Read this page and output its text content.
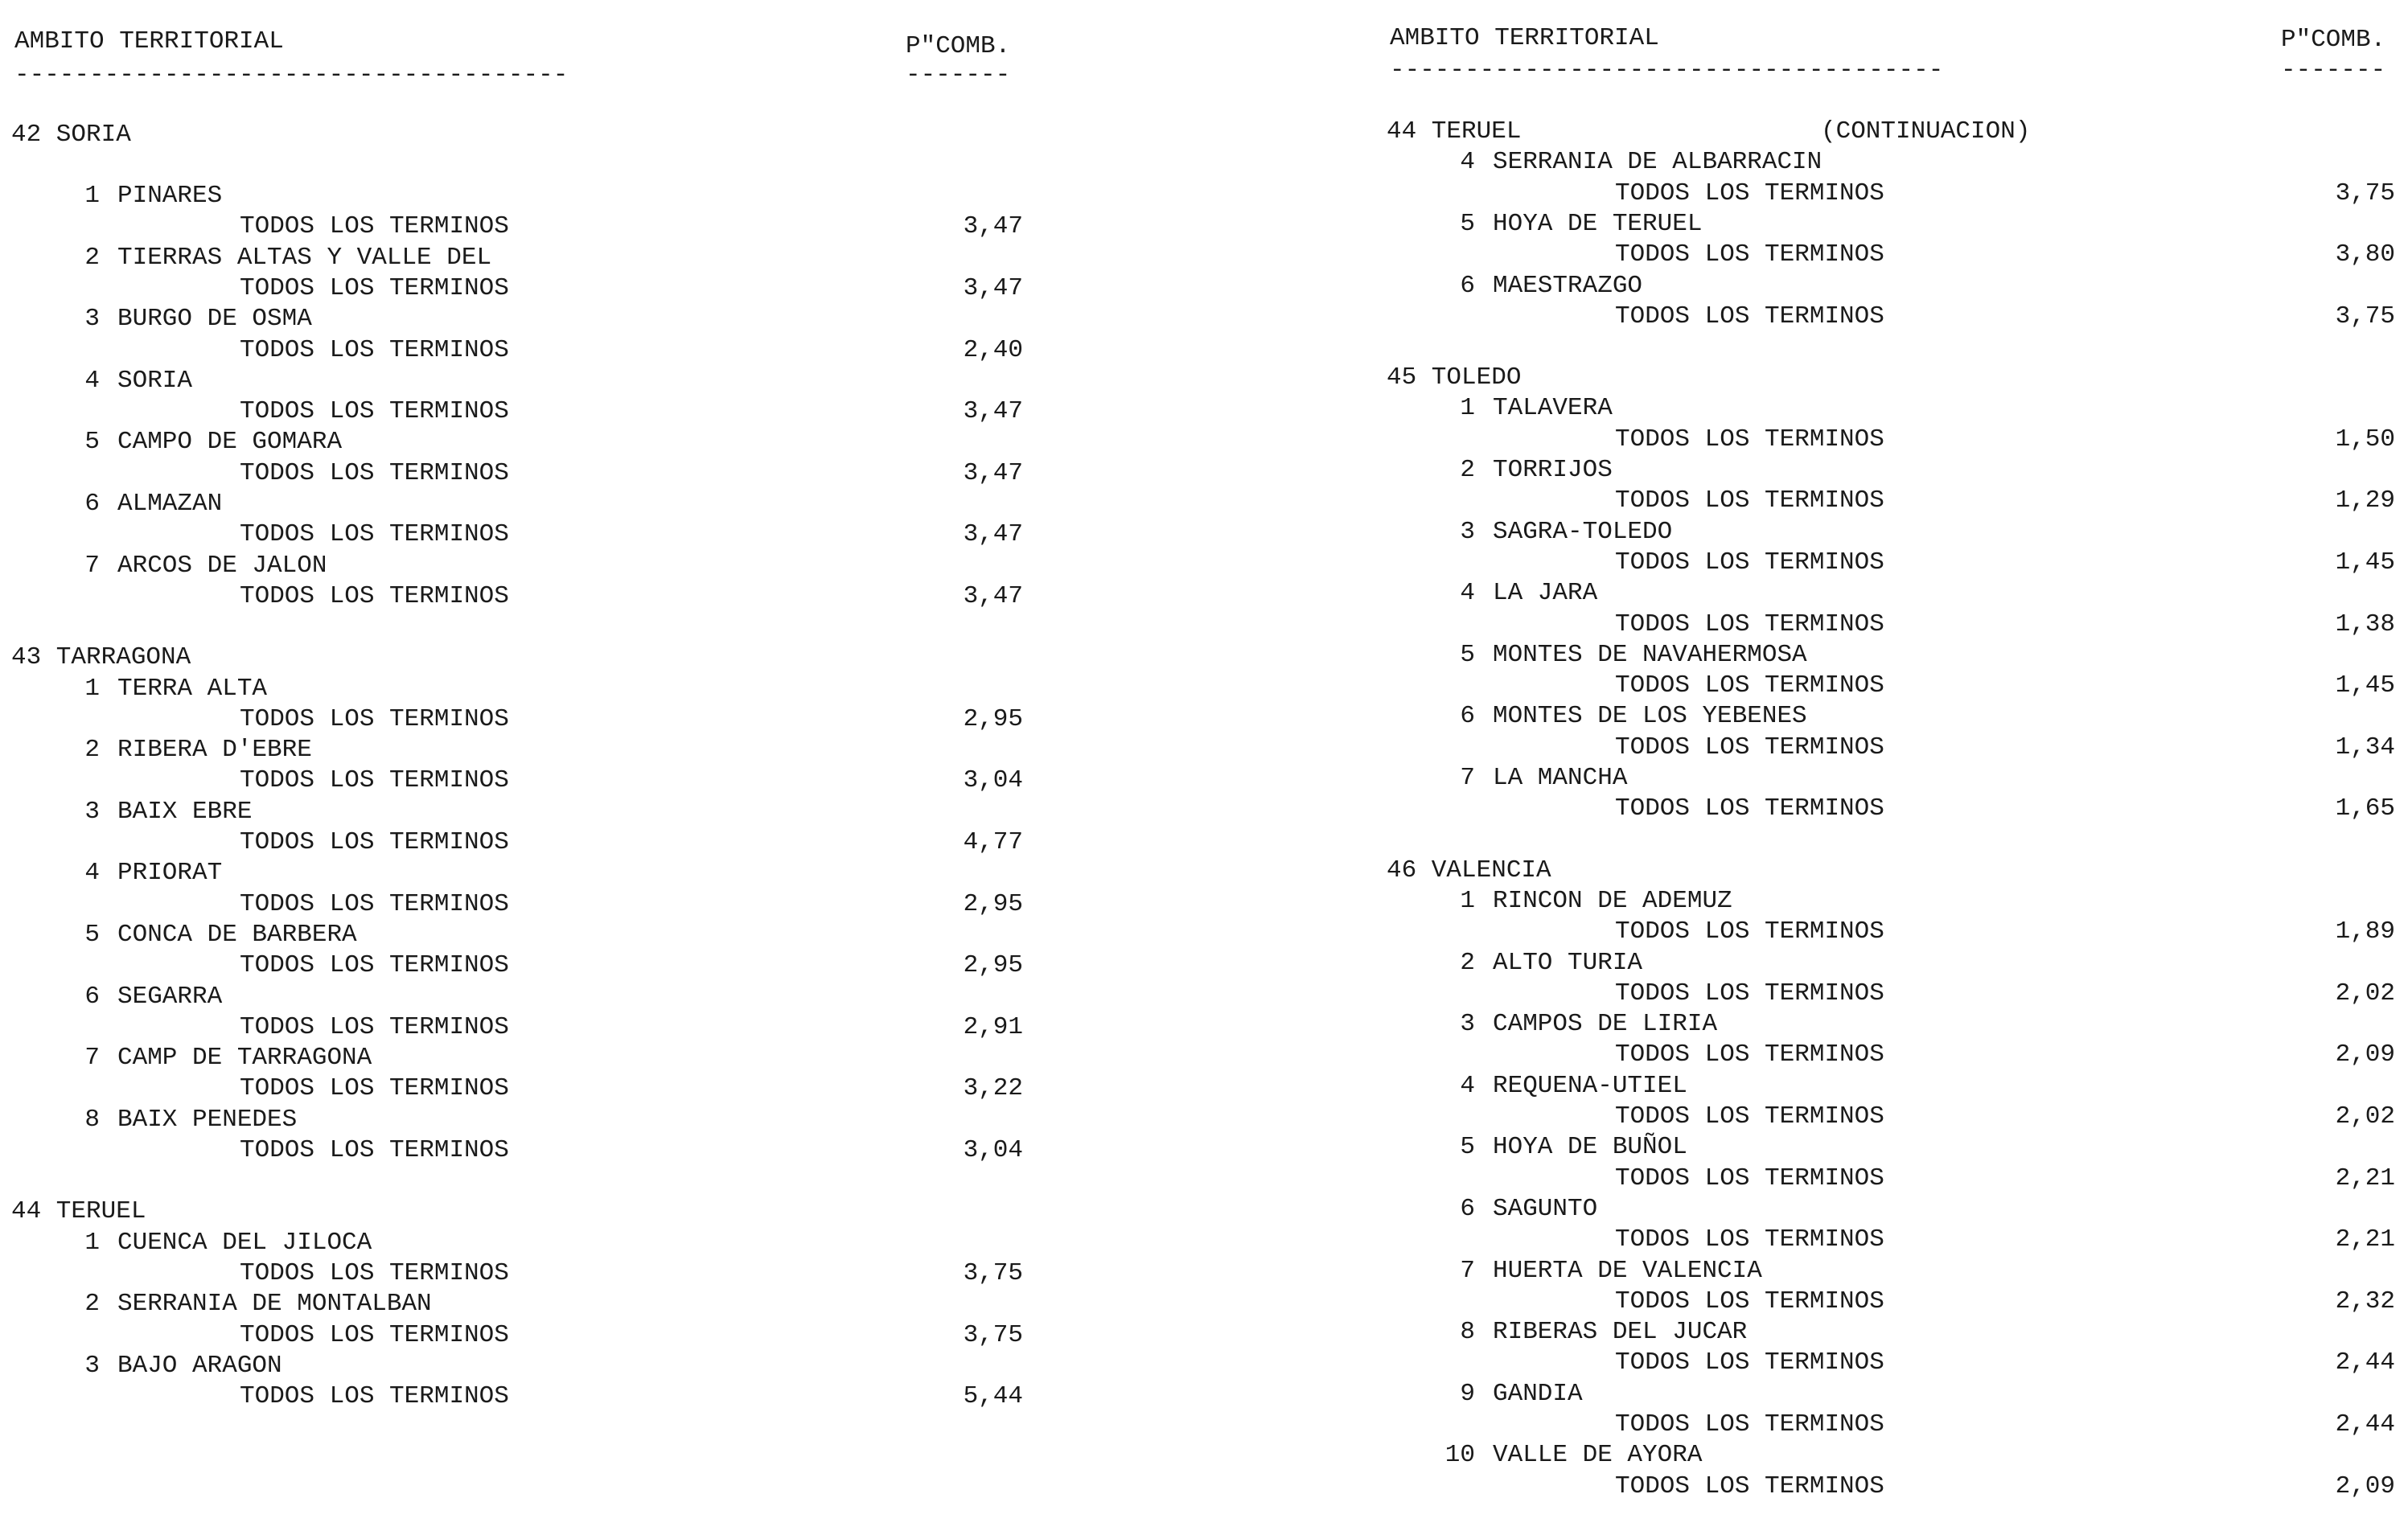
AMBITO TERRITORIAL	P"COMB.
-------------------------------------	-------
42 SORIA
1 PINARES
TODOS LOS TERMINOS	3,47
2 TIERRAS ALTAS Y VALLE DEL
TODOS LOS TERMINOS	3,47
3 BURGO DE OSMA
TODOS LOS TERMINOS	2,40
4 SORIA
TODOS LOS TERMINOS	3,47
5 CAMPO DE GOMARA
TODOS LOS TERMINOS	3,47
6 ALMAZAN
TODOS LOS TERMINOS	3,47
7 ARCOS DE JALON
TODOS LOS TERMINOS	3,47
43 TARRAGONA
1 TERRA ALTA
TODOS LOS TERMINOS	2,95
2 RIBERA D'EBRE
TODOS LOS TERMINOS	3,04
3 BAIX EBRE
TODOS LOS TERMINOS	4,77
4 PRIORAT
TODOS LOS TERMINOS	2,95
5 CONCA DE BARBERA
TODOS LOS TERMINOS	2,95
6 SEGARRA
TODOS LOS TERMINOS	2,91
7 CAMP DE TARRAGONA
TODOS LOS TERMINOS	3,22
8 BAIX PENEDES
TODOS LOS TERMINOS	3,04
44 TERUEL
1 CUENCA DEL JILOCA
TODOS LOS TERMINOS	3,75
2 SERRANIA DE MONTALBAN
TODOS LOS TERMINOS	3,75
3 BAJO ARAGON
TODOS LOS TERMINOS	5,44
AMBITO TERRITORIAL	P"COMB.
-------------------------------------	-------
44 TERUEL	(CONTINUACION)
4 SERRANIA DE ALBARRACIN
TODOS LOS TERMINOS	3,75
5 HOYA DE TERUEL
TODOS LOS TERMINOS	3,80
6 MAESTRAZGO
TODOS LOS TERMINOS	3,75
45 TOLEDO
1 TALAVERA
TODOS LOS TERMINOS	1,50
2 TORRIJOS
TODOS LOS TERMINOS	1,29
3 SAGRA-TOLEDO
TODOS LOS TERMINOS	1,45
4 LA JARA
TODOS LOS TERMINOS	1,38
5 MONTES DE NAVAHERMOSA
TODOS LOS TERMINOS	1,45
6 MONTES DE LOS YEBENES
TODOS LOS TERMINOS	1,34
7 LA MANCHA
TODOS LOS TERMINOS	1,65
46 VALENCIA
1 RINCON DE ADEMUZ
TODOS LOS TERMINOS	1,89
2 ALTO TURIA
TODOS LOS TERMINOS	2,02
3 CAMPOS DE LIRIA
TODOS LOS TERMINOS	2,09
4 REQUENA-UTIEL
TODOS LOS TERMINOS	2,02
5 HOYA DE BUÑOL
TODOS LOS TERMINOS	2,21
6 SAGUNTO
TODOS LOS TERMINOS	2,21
7 HUERTA DE VALENCIA
TODOS LOS TERMINOS	2,32
8 RIBERAS DEL JUCAR
TODOS LOS TERMINOS	2,44
9 GANDIA
TODOS LOS TERMINOS	2,44
10 VALLE DE AYORA
TODOS LOS TERMINOS	2,09
